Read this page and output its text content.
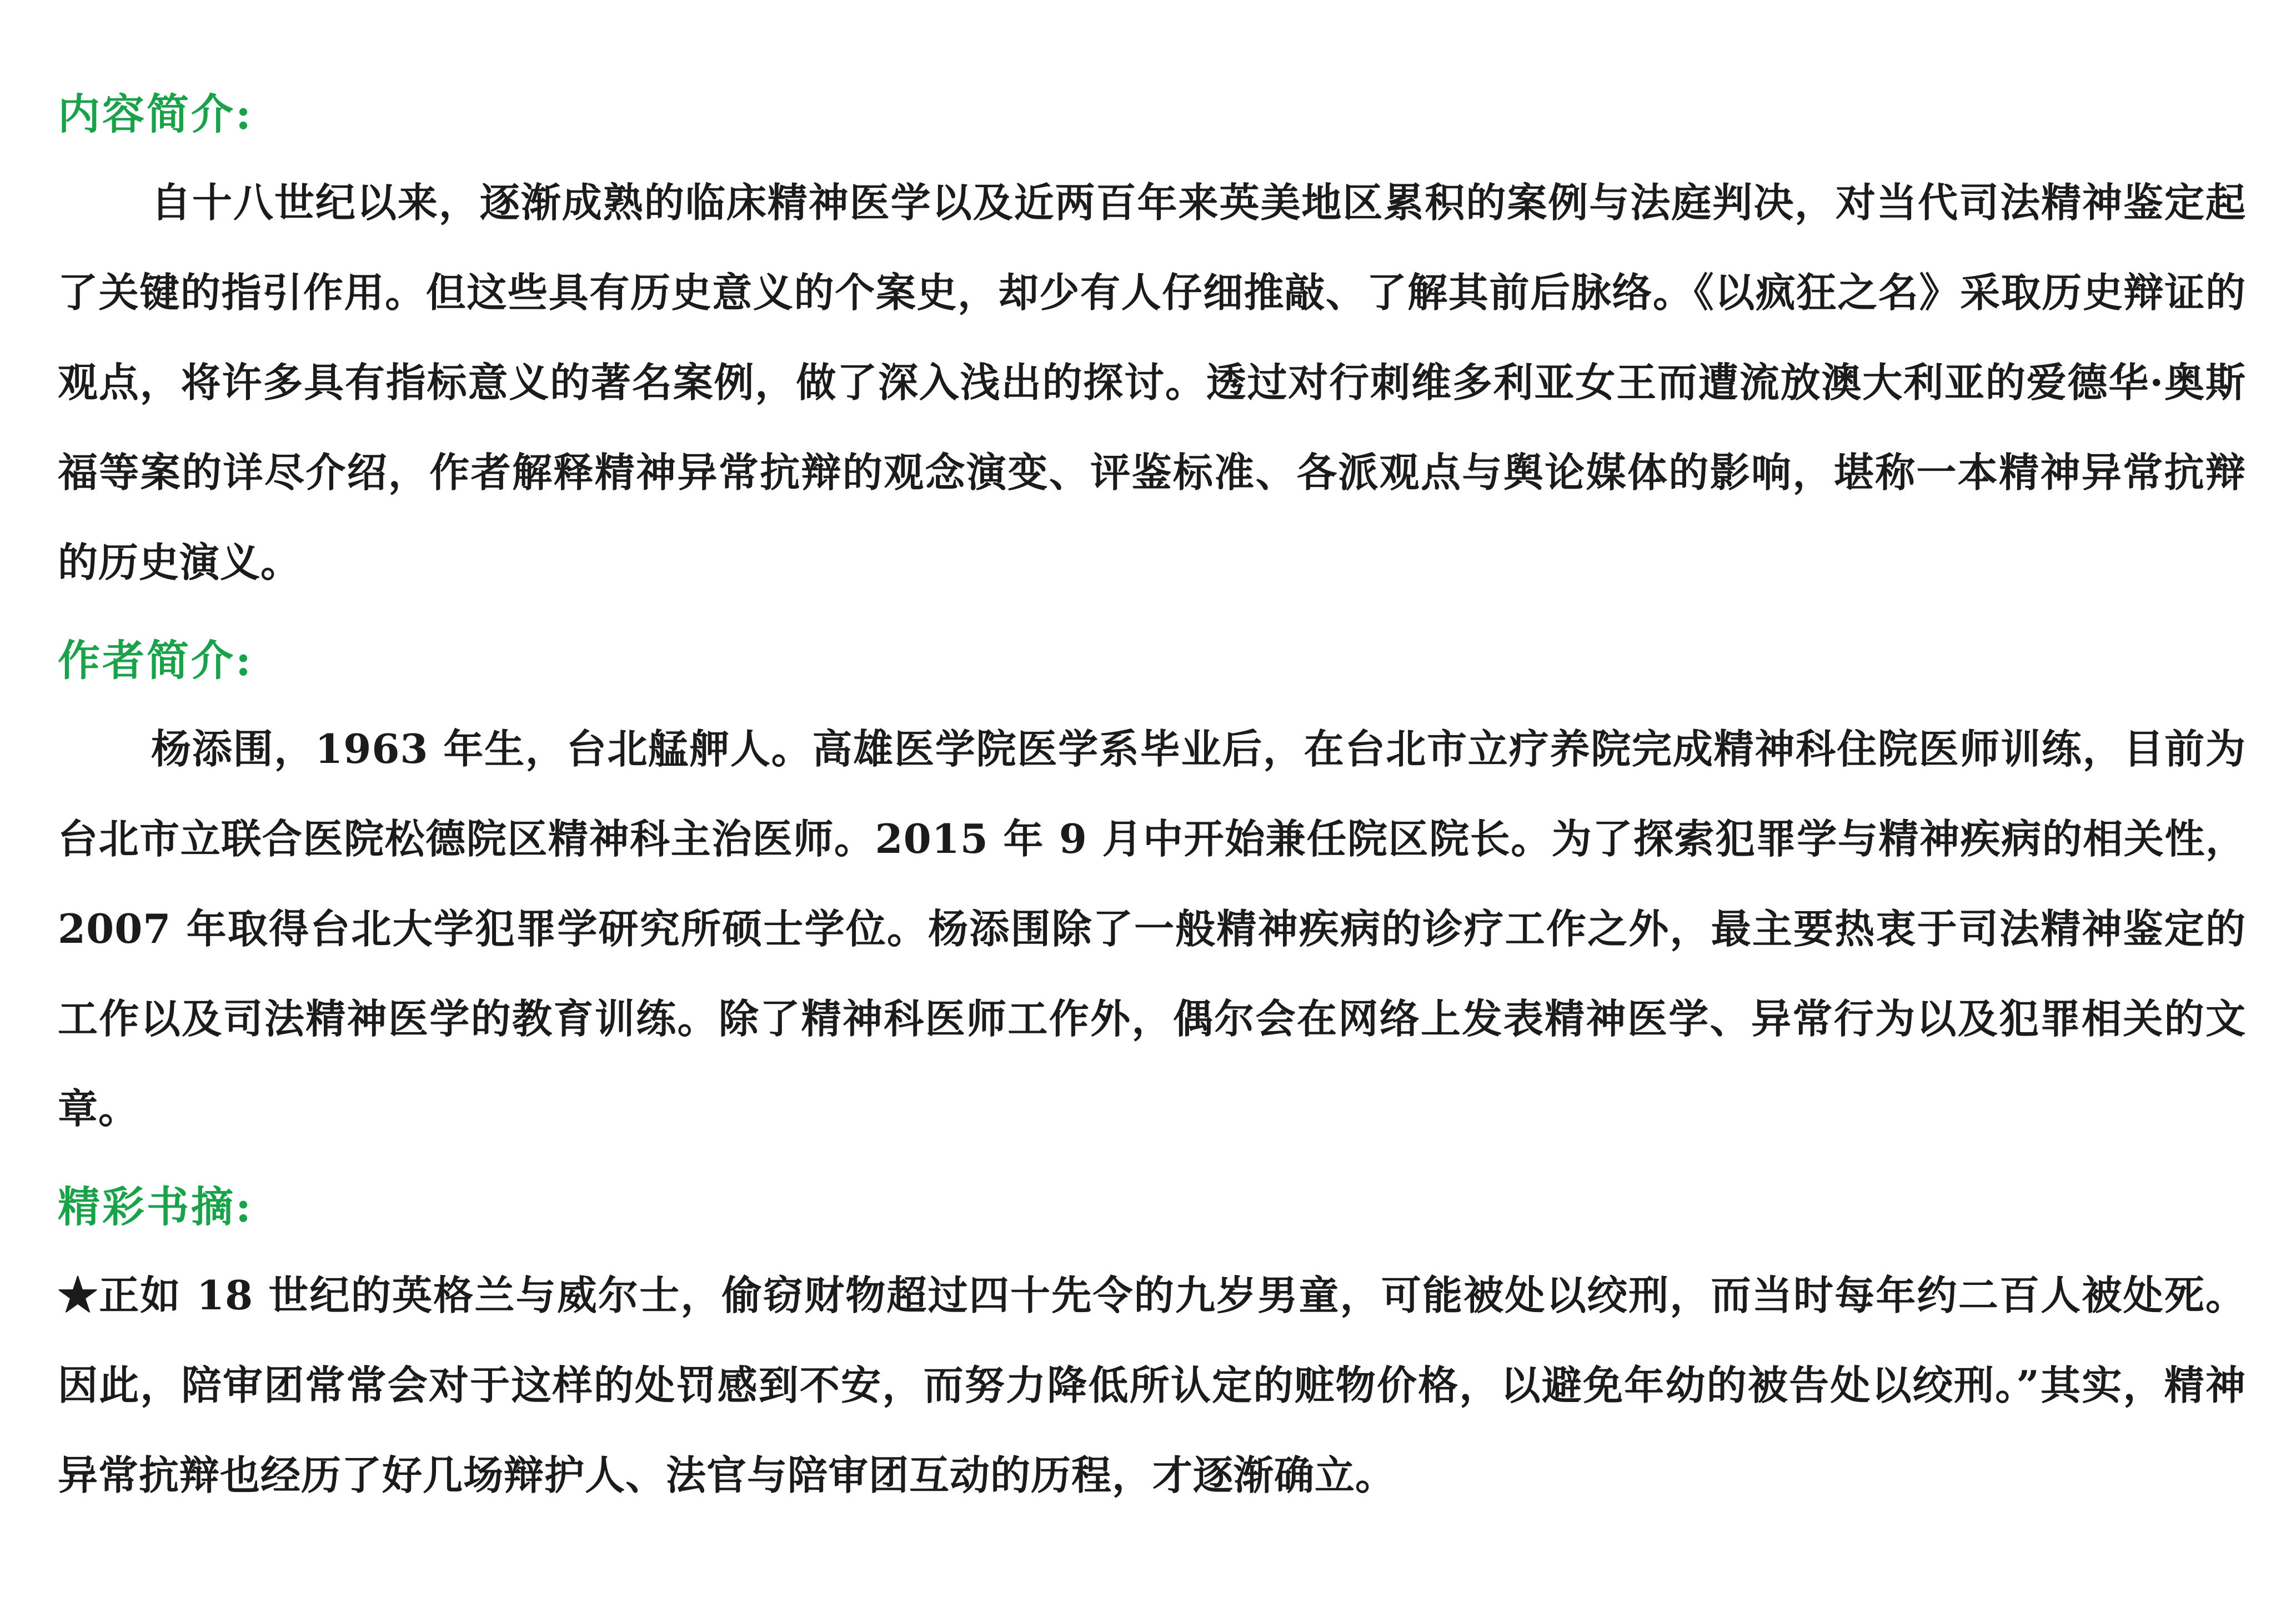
内容简介:
自十八世纪以来，逐渐成熟的临床精神医学以及近两百年来英美地区累积的案例与法庭判决，对当代司法精神鉴定起了关键的指引作用。但这些具有历史意义的个案史，却少有人仔细推敲、了解其前后脉络。《以疯狂之名》采取历史辩证的观点，将许多具有指标意义的著名案例，做了深入浅出的探讨。透过对行刺维多利亚女王而遭流放澳大利亚的爱德华·奥斯福等案的详尽介绍，作者解释精神异常抗辩的观念演变、评鉴标准、各派观点与舆论媒体的影响，堪称一本精神异常抗辩的历史演义。
作者简介:
杨添围，1963 年生，台北艋舺人。高雄医学院医学系毕业后，在台北市立疗养院完成精神科住院医师训练，目前为台北市立联合医院松德院区精神科主治医师。2015 年 9 月中开始兼任院区院长。为了探索犯罪学与精神疾病的相关性，2007 年取得台北大学犯罪学研究所硕士学位。杨添围除了一般精神疾病的诊疗工作之外，最主要热衷于司法精神鉴定的工作以及司法精神医学的教育训练。除了精神科医师工作外，偶尔会在网络上发表精神医学、异常行为以及犯罪相关的文章。
精彩书摘:
★正如 18 世纪的英格兰与威尔士，偷窃财物超过四十先令的九岁男童，可能被处以绞刑，而当时每年约二百人被处死。因此，陪审团常常会对于这样的处罚感到不安，而努力降低所认定的赃物价格，以避免年幼的被告处以绞刑。”其实，精神异常抗辩也经历了好几场辩护人、法官与陪审团互动的历程，才逐渐确立。
